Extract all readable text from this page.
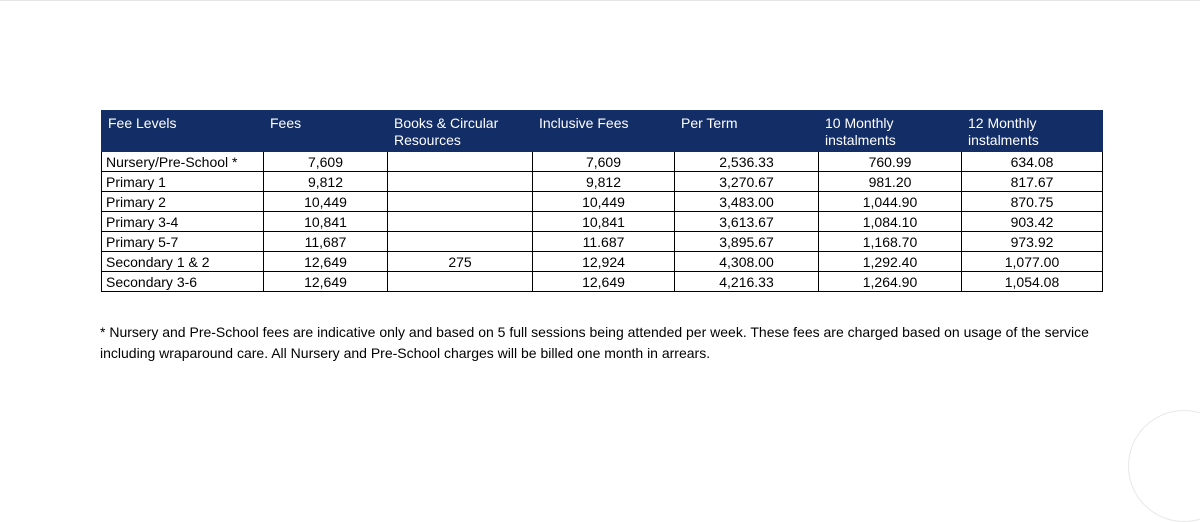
Fee Levels	Fees	Books & Circular Resources	Inclusive Fees	Per Term	10 Monthly instalments	12 Monthly instalments
Nursery/Pre-School *	7,609		7,609	2,536.33	760.99	634.08
Primary 1	9,812		9,812	3,270.67	981.20	817.67
Primary 2	10,449		10,449	3,483.00	1,044.90	870.75
Primary 3-4	10,841		10,841	3,613.67	1,084.10	903.42
Primary 5-7	11,687		11.687	3,895.67	1,168.70	973.92
Secondary 1 & 2	12,649	275	12,924	4,308.00	1,292.40	1,077.00
Secondary 3-6	12,649		12,649	4,216.33	1,264.90	1,054.08

* Nursery and Pre-School fees are indicative only and based on 5 full sessions being attended per week. These fees are charged based on usage of the service including wraparound care. All Nursery and Pre-School charges will be billed one month in arrears.
